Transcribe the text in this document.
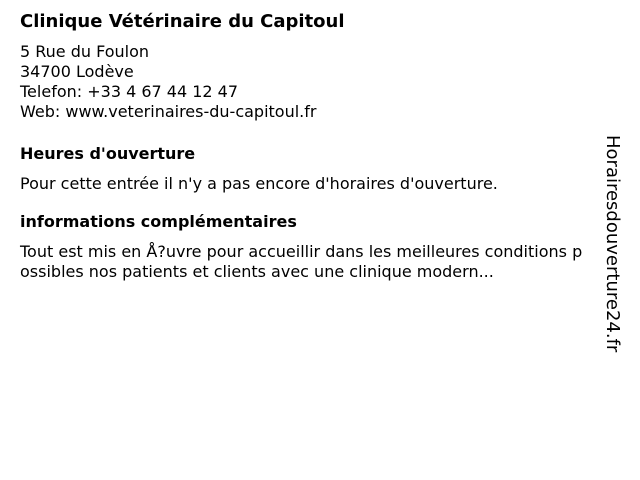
Clinique Vétérinaire du Capitoul
5 Rue du Foulon
34700 Lodève
Telefon: +33 4 67 44 12 47
Web: www.veterinaires-du-capitoul.fr
Heures d'ouverture
Pour cette entrée il n'y a pas encore d'horaires d'ouverture.
informations complémentaires
Tout est mis en Å?uvre pour accueillir dans les meilleures conditions possibles nos patients et clients avec une clinique modern...	Horairesdouverture24.fr
